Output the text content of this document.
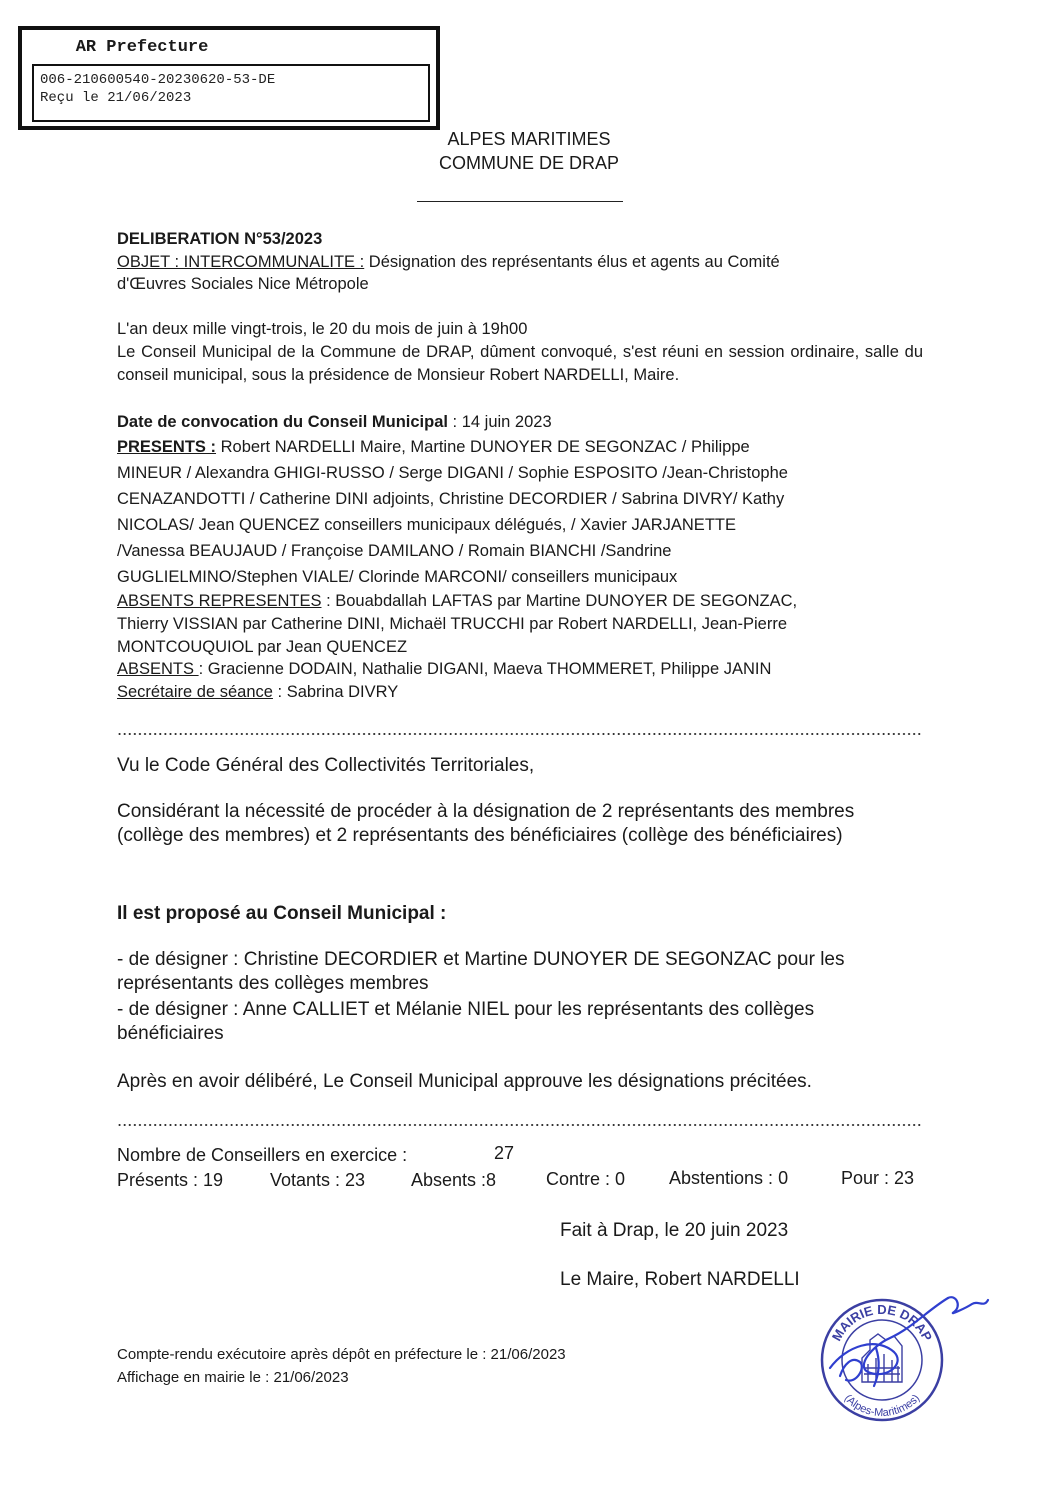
AR Prefecture
006-210600540-20230620-53-DE
Reçu le 21/06/2023
ALPES MARITIMES
COMMUNE DE DRAP
DELIBERATION N°53/2023
OBJET : INTERCOMMUNALITE : Désignation des représentants élus et agents au Comité
d'Œuvres Sociales Nice Métropole
L'an deux mille vingt-trois, le 20 du mois de juin à 19h00
Le Conseil Municipal de la Commune de DRAP, dûment convoqué, s'est réuni en session ordinaire, salle du conseil municipal, sous la présidence de Monsieur Robert NARDELLI, Maire.
Date de convocation du Conseil Municipal : 14 juin 2023
PRESENTS : Robert NARDELLI Maire, Martine DUNOYER DE SEGONZAC / Philippe
MINEUR / Alexandra GHIGI-RUSSO / Serge DIGANI / Sophie ESPOSITO /Jean-Christophe
CENAZANDOTTI / Catherine DINI adjoints, Christine DECORDIER / Sabrina DIVRY/ Kathy
NICOLAS/ Jean QUENCEZ conseillers municipaux délégués, / Xavier JARJANETTE
/Vanessa BEAUJAUD / Françoise DAMILANO / Romain BIANCHI /Sandrine
GUGLIELMINO/Stephen VIALE/ Clorinde MARCONI/ conseillers municipaux
ABSENTS REPRESENTES : Bouabdallah LAFTAS par Martine DUNOYER DE SEGONZAC,
Thierry VISSIAN par Catherine DINI, Michaël TRUCCHI par Robert NARDELLI, Jean-Pierre
MONTCOUQUIOL par Jean QUENCEZ
ABSENTS : Gracienne DODAIN, Nathalie DIGANI, Maeva THOMMERET, Philippe JANIN
Secrétaire de séance : Sabrina DIVRY
Vu le Code Général des Collectivités Territoriales,
Considérant la nécessité de procéder à la désignation de 2 représentants des membres (collège des membres) et 2 représentants des bénéficiaires (collège des bénéficiaires)
Il est proposé au Conseil Municipal :
- de désigner : Christine DECORDIER et Martine DUNOYER DE SEGONZAC pour les représentants des collèges membres
- de désigner : Anne CALLIET et Mélanie NIEL pour les représentants des collèges bénéficiaires
Après en avoir délibéré, Le Conseil Municipal approuve les désignations précitées.
Nombre de Conseillers en exercice :	27
Présents : 19	Votants : 23	Absents :8	Contre : 0 Abstentions : 0	Pour : 23
Fait à Drap, le 20 juin 2023
Le Maire, Robert NARDELLI
MAIRIE DE DRAP
(Alpes-Maritimes)
Compte-rendu exécutoire après dépôt en préfecture le : 21/06/2023
Affichage en mairie le : 21/06/2023
